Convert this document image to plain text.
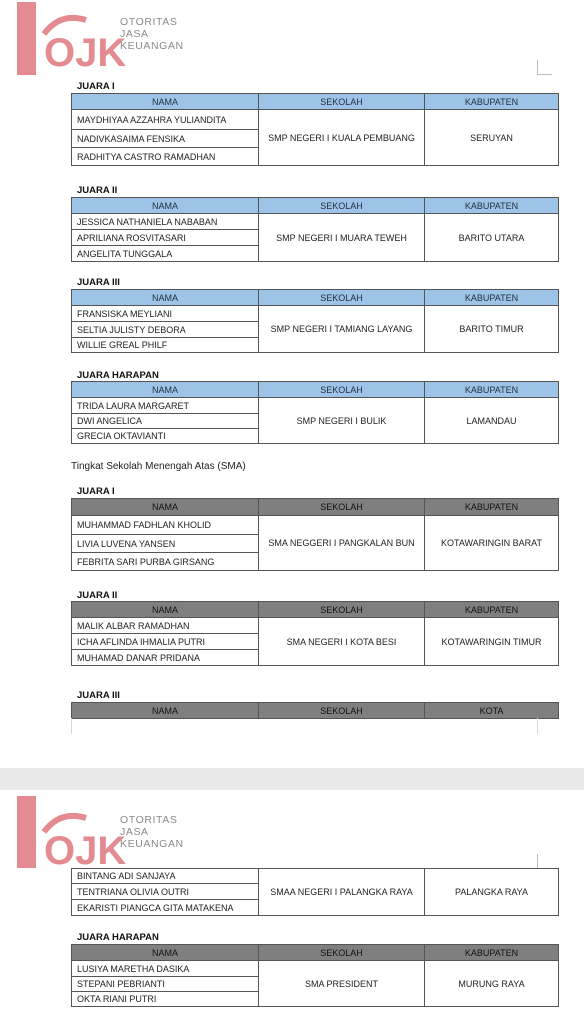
OJK
OTORITAS
JASA
KEUANGAN
JUARA I
NAMA	SEKOLAH	KABUPATEN
MAYDHIYAA AZZAHRA YULIANDITA	SMP NEGERI I KUALA PEMBUANG	SERUYAN
NADIVKASAIMA FENSIKA		
RADHITYA CASTRO RAMADHAN		
JUARA II
NAMA	SEKOLAH	KABUPATEN
JESSICA NATHANIELA NABABAN	SMP NEGERI I MUARA TEWEH	BARITO UTARA
APRILIANA ROSVITASARI		
ANGELITA TUNGGALA		
JUARA III
NAMA	SEKOLAH	KABUPATEN
FRANSISKA MEYLIANI	SMP NEGERI I TAMIANG LAYANG	BARITO TIMUR
SELTIA JULISTY DEBORA		
WILLIE GREAL PHILF		
JUARA HARAPAN
NAMA	SEKOLAH	KABUPATEN
TRIDA LAURA MARGARET	SMP NEGERI I BULIK	LAMANDAU
DWI ANGELICA		
GRECIA OKTAVIANTI		
Tingkat Sekolah Menengah Atas (SMA)
JUARA I
NAMA	SEKOLAH	KABUPATEN
MUHAMMAD FADHLAN KHOLID	SMA NEGGERI I PANGKALAN BUN	KOTAWARINGIN BARAT
LIVIA LUVENA YANSEN		
FEBRITA SARI PURBA GIRSANG		
JUARA II
NAMA	SEKOLAH	KABUPATEN
MALIK ALBAR RAMADHAN	SMA NEGERI I KOTA BESI	KOTAWARINGIN TIMUR
ICHA AFLINDA IHMALIA PUTRI		
MUHAMAD DANAR PRIDANA		
JUARA III
NAMA	SEKOLAH	KOTA
OJK
OTORITAS
JASA
KEUANGAN
BINTANG ADI SANJAYA	SMAA NEGERI I PALANGKA RAYA	PALANGKA RAYA
TENTRIANA OLIVIA OUTRI
EKARISTI PIANGCA GITA MATAKENA
JUARA HARAPAN
NAMA	SEKOLAH	KABUPATEN
LUSIYA MARETHA DASIKA	SMA PRESIDENT	MURUNG RAYA
STEPANI PEBRIANTI		
OKTA RIANI PUTRI		
